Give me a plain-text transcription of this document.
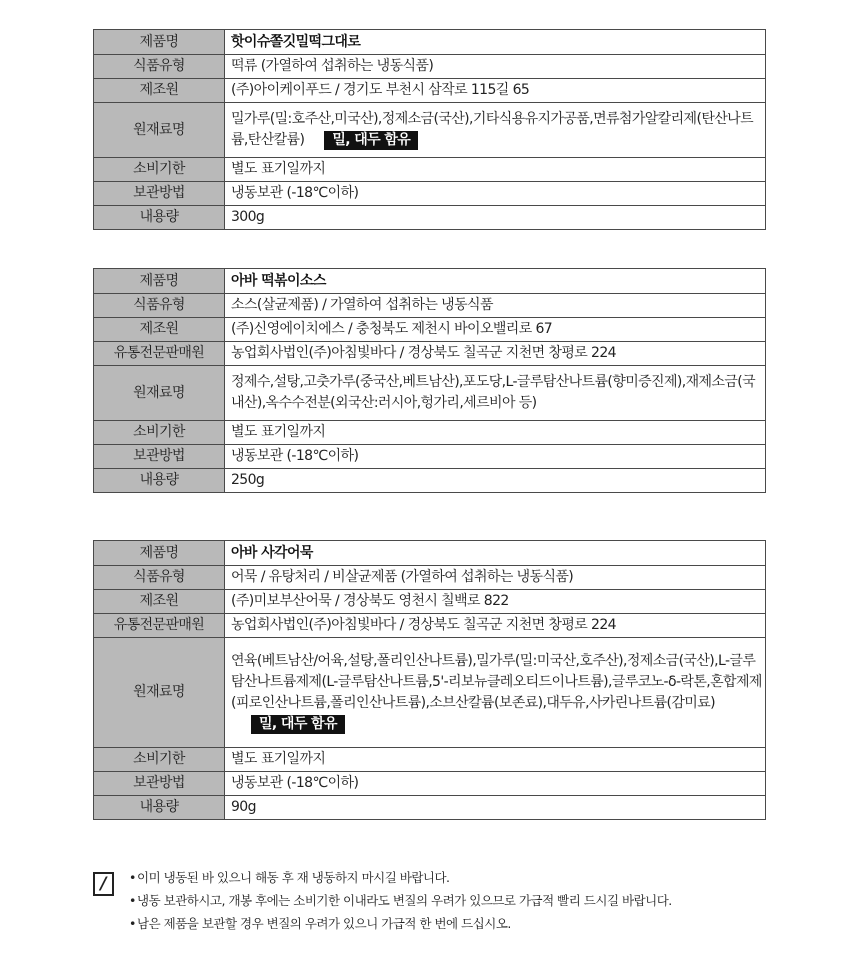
제품명	핫이슈쫄깃밀떡그대로
식품유형	떡류 (가열하여 섭취하는 냉동식품)
제조원	(주)아이케이푸드 / 경기도 부천시 삼작로 115길 65
원재료명	밀가루(밀:호주산,미국산),정제소금(국산),기타식용유지가공품,면류첨가알칼리제(탄산나트륨,탄산칼륨) 밀, 대두 함유
소비기한	별도 표기일까지
보관방법	냉동보관 (-18℃이하)
내용량	300g
제품명	아바 떡볶이소스
식품유형	소스(살균제품) / 가열하여 섭취하는 냉동식품
제조원	(주)신영에이치에스 / 충청북도 제천시 바이오밸리로 67
유통전문판매원	농업회사법인(주)아침빛바다 / 경상북도 칠곡군 지천면 창평로 224
원재료명	정제수,설탕,고춧가루(중국산,베트남산),포도당,L-글루탐산나트륨(향미증진제),재제소금(국내산),옥수수전분(외국산:러시아,헝가리,세르비아 등)
소비기한	별도 표기일까지
보관방법	냉동보관 (-18℃이하)
내용량	250g
제품명	아바 사각어묵
식품유형	어묵 / 유탕처리 / 비살균제품 (가열하여 섭취하는 냉동식품)
제조원	(주)미보부산어묵 / 경상북도 영천시 칠백로 822
유통전문판매원	농업회사법인(주)아침빛바다 / 경상북도 칠곡군 지천면 창평로 224
원재료명	연육(베트남산/어육,설탕,폴리인산나트륨),밀가루(밀:미국산,호주산),정제소금(국산),L-글루탐산나트륨제제(L-글루탐산나트륨,5'-리보뉴클레오티드이나트륨),글루코노-δ-락톤,혼합제제(피로인산나트륨,폴리인산나트륨),소브산칼륨(보존료),대두유,사카린나트륨(감미료)밀, 대두 함유
소비기한	별도 표기일까지
보관방법	냉동보관 (-18℃이하)
내용량	90g
/	• 이미 냉동된 바 있으니 해동 후 재 냉동하지 마시길 바랍니다.
• 냉동 보관하시고, 개봉 후에는 소비기한 이내라도 변질의 우려가 있으므로 가급적 빨리 드시길 바랍니다.
• 남은 제품을 보관할 경우 변질의 우려가 있으니 가급적 한 번에 드십시오.
